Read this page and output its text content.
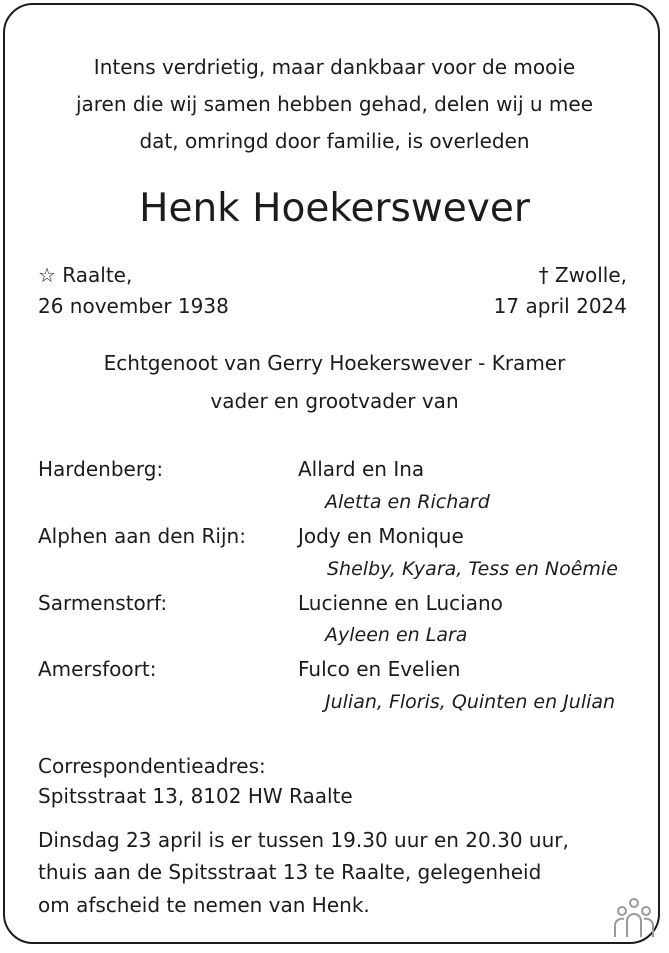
Intens verdrietig, maar dankbaar voor de mooie
jaren die wij samen hebben gehad, delen wij u mee
dat, omringd door familie, is overleden
Henk Hoekerswever
☆ Raalte,
26 november 1938
† Zwolle,
17 april 2024
Echtgenoot van Gerry Hoekerswever - Kramer
vader en grootvader van
Hardenberg:	Allard en Ina
Aletta en Richard
Alphen aan den Rijn:	Jody en Monique
Shelby, Kyara, Tess en Noêmie
Sarmenstorf:	Lucienne en Luciano
Ayleen en Lara
Amersfoort:	Fulco en Evelien
Julian, Floris, Quinten en Julian
Correspondentieadres:
Spitsstraat 13, 8102 HW Raalte
Dinsdag 23 april is er tussen 19.30 uur en 20.30 uur,
thuis aan de Spitsstraat 13 te Raalte, gelegenheid
om afscheid te nemen van Henk.
